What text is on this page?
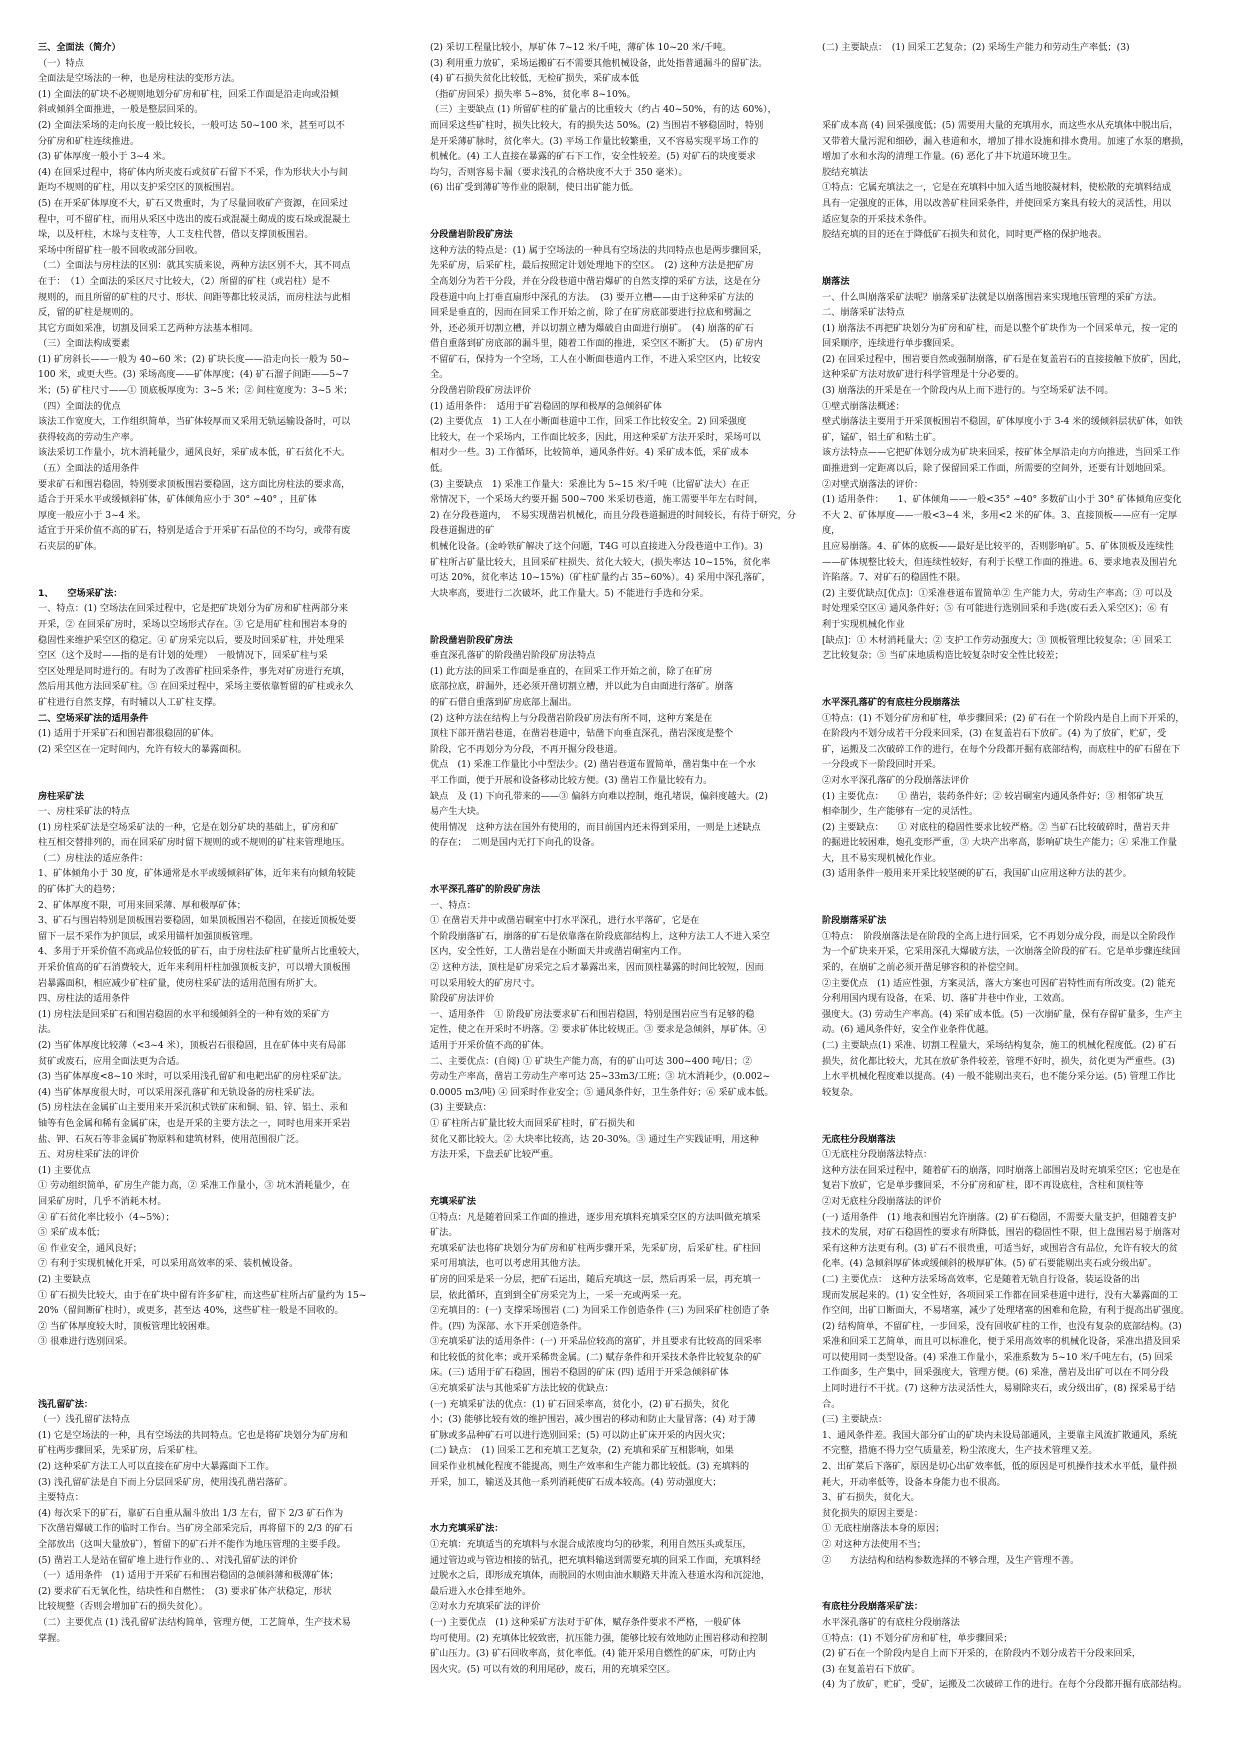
三、全面法（简介）

（一）特点

全面法是空场法的一种，也是房柱法的变形方法。

(1) 全面法的矿块不必规则地划分矿房和矿柱，回采工作面是沿走向或沿倾

斜或倾斜全面推进，一般是整层回采的。

(2) 全面法采场的走向长度一般比较长，一般可达 50~100 米，甚至可以不

分矿房和矿柱连续推进。

(3) 矿体厚度一般小于 3~4 米。

(4) 在回采过程中，将矿体内所夹废石或贫矿石留下不采，作为形状大小与间

距均不规则的矿柱，用以支护采空区的顶板围岩。

(5) 在开采矿体厚度不大，矿石又贵重时，为了尽量回收矿产资源，在回采过

程中，可不留矿柱，而用从采区中选出的废石或混凝土砌成的废石垛或混凝土

垛，以及杆柱，木垛与支柱等，人工支柱代替，借以支撑顶板围岩。

采场中所留矿柱一般不回收或部分回收。

（二）全面法与房柱法的区别：就其实质来说，两种方法区别不大，其不同点

在于：　（1）全面法的采区尺寸比较大，（2）所留的矿柱（或岩柱）是不

规则的，而且所留的矿柱的尺寸、形状、间距等都比较灵活，而房柱法与此相

反，留的矿柱是规则的。

其它方面如采准，切割及回采工艺两种方法基本相同。

（三）全面法构成要素

(1) 矿房斜长——一般为 40~60 米；(2) 矿块长度——沿走向长一般为 50~

100 米，或更大些。(3) 采场高度——矿体厚度；(4) 矿石溜子间距——5~7

米；(5) 矿柱尺寸——① 顶底板厚度为：3~5 米；② 间柱宽度为：3~5 米；

（四）全面法的优点

该法工作宽度大，工作组织简单，当矿体较厚而又采用无轨运输设备时，可以

获得较高的劳动生产率。

该法采切工作量小，坑木消耗量少，通风良好，采矿成本低，矿石贫化不大。

（五）全面法的适用条件

要求矿石和围岩稳固，特别要求顶板围岩要稳固，这方面比房柱法的要求高，

适合于开采水平或缓倾斜矿体，矿体倾角应小于 30° ~40° ，且矿体

厚度一般应小于 3~4 米。

适宜于开采价值不高的矿石，特别是适合于开采矿石品位的不均匀，或带有废

石夹层的矿体。

1、　　空场采矿法：

一、特点：(1) 空场法在回采过程中，它是把矿块划分为矿房和矿柱两部分来

开采，② 在回采矿房时，采场以空场形式存在。③ 它是用矿柱和围岩本身的

稳固性来维护采空区的稳定。④ 矿房采完以后，要及时回采矿柱，并处理采

空区（这个及时——指的是有计划的处理）　一般情况下，回采矿柱与采

空区处理是同时进行的。有时为了改善矿柱回采条件，事先对矿房进行充填，

然后用其他方法回采矿柱。⑤ 在回采过程中，采场主要依靠暂留的矿柱或永久

矿柱进行自然支撑，有时辅以人工矿柱支撑。

二、空场采矿法的适用条件

(1) 适用于开采矿石和围岩都很稳固的矿体。

(2) 采空区在一定时间内，允许有较大的暴露面积。

房柱采矿法

一、房柱采矿法的特点

(1) 房柱采矿法是空场采矿法的一种，它是在划分矿块的基础上，矿房和矿

柱互相交替排列的，而在回采矿房时留下规则的或不规则的矿柱来管理地压。

（二）房柱法的适应条件：

1、矿体倾角小于 30 度，矿体通常是水平或缓倾斜矿体，近年来有向倾角较陡

的矿体扩大的趋势；

2、矿体厚度不限，可用来回采薄、厚和极厚矿体；

3、矿石与围岩特别是顶板围岩要稳固，如果顶板围岩不稳固，在接近顶板处要

留下一层不采作为护顶层，或采用锚杆加强顶板管理。

4、多用于开采价值不高或品位较低的矿石，由于房柱法矿柱矿量所占比重较大，

开采价值高的矿石消费较大，近年来利用杆柱加强顶板支护，可以增大顶板围

岩暴露面积，相应减少矿柱矿量，使房柱采矿法的适用范围有所扩大。

四、房柱法的适用条件

(1) 房柱法是回采矿石和围岩稳固的水平和缓倾斜全的一种有效的采矿方

法。

(2) 当矿体厚度比较薄（<3~4 米），顶板岩石很稳固，且在矿体中夹有局部

贫矿或废石，应用全面法更为合适。

(3) 当矿体厚度<8~10 米时，可以采用浅孔留矿和电耙出矿的房柱采矿法。

(4) 当矿体厚度很大时，可以采用深孔落矿和无轨设备的房柱采矿法。

(5) 房柱法在金属矿山主要用来开采沉积式铁矿床和铜、铅、锌、铝土、汞和

铀等有色金属和稀有金属矿床，也是开采的主要方法之一，同时也用来开采岩

盐、钾、石灰石等非金属矿物原料和建筑材料，使用范围很广泛。

五、对房柱采矿法的评价

(1) 主要优点

① 劳动组织简单，矿房生产能力高，② 采准工作量小，③ 坑木消耗量少，在

回采矿房时，几乎不消耗木材。

④ 矿石贫化率比较小（4~5%）；

⑤ 采矿成本低；

⑥ 作业安全，通风良好；

⑦ 有利于实现机械化开采，可以采用高效率的采、装机械设备。

(2) 主要缺点

① 矿石损失比较大，由于在矿块中留有许多矿柱，而这些矿柱所占矿量约为 15~

20%（留间断矿柱时），或更多，甚至达 40%，这些矿柱一般是不回收的。

② 当矿体厚度较大时，顶板管理比较困难。

③ 很难进行选别回采。

浅孔留矿法：

（一）浅孔留矿法特点

(1) 它是空场法的一种，具有空场法的共同特点。它也是将矿块划分为矿房和

矿柱两步骤回采，先采矿房，后采矿柱。

(2) 这种采矿方法工人可以直接在矿房中大暴露面下工作。

(3) 浅孔留矿法是自下而上分层回采矿房，使用浅孔凿岩落矿。

主要特点：

(4) 每次采下的矿石，靠矿石自重从漏斗放出 1/3 左右，留下 2/3 矿石作为

下次凿岩爆破工作的临时工作台。当矿房全部采完后，再将留下的 2/3 的矿石

全部放出（这叫大量放矿），暂留下的矿石并不能作为地压管理的主要手段。

(5) 凿岩工人是站在留矿堆上进行作业的、、对浅孔留矿法的评价

（一）适用条件　(1) 适用于开采矿石和围岩稳固的急倾斜薄和极薄矿体；

(2) 要求矿石无氧化性，结块性和自燃性；　(3) 要求矿体产状稳定，形状

比较规整（否则会增加矿石的损失贫化）。

（二）主要优点 (1) 浅孔留矿法结构简单，管理方便，工艺简单，生产技术易

掌握。

(2) 采切工程量比较小，厚矿体 7~12 米/千吨，薄矿体 10~20 米/千吨。

(3) 利用重力放矿，采场运搬矿石不需要其他机械设备，此处指普通漏斗的留矿法。

(4) 矿石损失贫化比较低，无检矿损失，采矿成本低

（指矿房回采）损失率 5~8%，贫化率 8~10%。

（三）主要缺点 (1) 所留矿柱的矿量占的比重较大（约占 40~50%，有的达 60%），

而回采这些矿柱时，损失比较大，有的损失达 50%。(2) 当围岩不够稳固时，特别

是开采薄矿脉时，贫化率大。(3) 平场工作量比较繁重，又不容易实现平场工作的

机械化。(4) 工人直接在暴露的矿石下工作，安全性较差。(5) 对矿石的块度要求

均匀，否则容易卡漏（要求浅孔的合格块度不大于 350 毫米）。

(6) 出矿受到薄矿等作业的限制，使日出矿能力低。

分段凿岩阶段矿房法

这种方法的特点是：(1) 属于空场法的一种具有空场法的共同特点也是两步骤回采，

先采矿房，后采矿柱，最后按照定计划处理地下的空区。　(2) 这种方法是把矿房

全高划分为若干分段，并在分段巷道中凿岩爆矿的自然支撑的采矿方法，这是在分

段巷道中向上打垂直扇形中深孔的方法。　(3) 要开立槽——由于这种采矿方法的

回采是垂直的，因而在回采工作开始之前，除了在矿房底部要进行拉底和劈漏之

外，还必须开切割立槽，并以切割立槽为爆破自由面进行崩矿。　(4) 崩落的矿石

借自重落到矿房底部的漏斗里，随着工作面的推进，采空区不断扩大。　(5) 矿房内

不留矿石，保持为一个空场，工人在小断面巷道内工作，不进入采空区内，比较安

全。

分段凿岩阶段矿房法评价

(1) 适用条件：　适用于矿岩稳固的厚和极厚的急倾斜矿体

(2) 主要优点　1) 工人在小断面巷道中工作，回采工作比较安全。2) 回采强度

比较大，在一个采场内，工作面比较多，因此，用这种采矿方法开采时，采场可以

相对少一些。3) 工作循环，比较简单，通风条件好。4) 采矿成本低，采矿成本

低。

(3) 主要缺点　1) 采准工作量大：采准比为 5~15 米/千吨（比留矿法大）在正

常情况下，一个采场大约要开掘 500~700 米采切巷道，施工需要半年左右时间，

2) 在分段巷道内，　不易实现凿岩机械化，而且分段巷道掘进的时间较长，有待于研究，分段巷道掘进的矿

机械化设备。(金岭铁矿解决了这个问题，T4G 可以直接进入分段巷道中工作)。3)

矿柱所占矿量比较大，且回采矿柱损失、贫化大较大，(损失率达 10~15%，贫化率

可达 20%，贫化率达 10~15%)（矿柱矿量约占 35~60%）。4) 采用中深孔落矿，

大块率高，要进行二次破坏，此工作量大。5) 不能进行手选和分采。

阶段凿岩阶段矿房法

垂直深孔落矿的阶段凿岩阶段矿房法特点

(1) 此方法的回采工作面是垂直的，在回采工作开始之前，除了在矿房

底部拉底，辟漏外，还必须开凿切割立槽，并以此为自由面进行落矿。崩落

的矿石借自重落到矿房底部上漏出。

(2) 这种方法在结构上与分段凿岩阶段矿房法有所不同，这种方案是在

顶柱下部开凿岩巷道，在凿岩巷道中，钻凿下向垂直深孔，凿岩深度是整个

阶段，它不再划分为分段，不再开掘分段巷道。

优点　(1) 采准工作量比小中型法少。(2) 凿岩巷道布置简单，凿岩集中在一个水

平工作面，便于开展和设备移动比较方便。(3) 凿岩工作量比较有力。

缺点　及 (1) 下向孔带来的——③ 偏斜方向难以控制，炮孔堵误，偏斜度越大。(2)

易产生大块。

使用情况　这种方法在国外有使用的，而目前国内还未得到采用，一则是上述缺点

的存在；　二则是国内无打下向孔的设备。

水平深孔落矿的阶段矿房法

一、特点：

① 在凿岩天井中或凿岩硐室中打水平深孔，进行水平落矿，它是在

个阶段崩落矿石，崩落的矿石是依靠落在阶段底部结构上，这种方法工人不进入采空

区内，安全性好，工人凿岩是在小断面天井或凿岩硐室内工作。

② 这种方法，顶柱是矿房采完之后才暴露出来，因而顶柱暴露的时间比较短，因而

可以采用较大的矿房尺寸。

阶段矿房法评价

一、适用条件　① 阶段矿房法要求矿石和围岩稳固，特别是围岩应当有足够的稳

定性，使之在开采时不坍落。② 要求矿体比较规正。③ 要求是急倾斜，厚矿体。④

适用于开采价值不高的矿体。

二、主要优点：(自阅) ① 矿块生产能力高，有的矿山可达 300~400 吨/日；②

劳动生产率高，凿岩工劳动生产率可达 25~33m3/工班；③ 坑木消耗少，(0.002~

0.0005 m3/吨) ④ 回采时作业安全；⑤ 通风条件好，卫生条件好；⑥ 采矿成本低。

(3) 主要缺点：

① 矿柱所占矿量比较大而回采矿柱时，矿石损失和

贫化又都比较大。② 大块率比较高，达 20-30%。③ 通过生产实践证明，用这种

方法开采，下盘丢矿比较严重。

充填采矿法

①特点：凡是随着回采工作面的推进，逐步用充填料充填采空区的方法叫做充填采

矿法。

充填采矿法也将矿块划分为矿房和矿柱两步骤开采，先采矿房，后采矿柱。矿柱回

采可用填法，也可以考虑用其他方法。

矿房的回采是采一分层，把矿石运出，随后充填这一层，然后再采一层，再充填一

层，依此循环，直到到全矿房采完为上，一采一充或两采一充。

②充填目的：(一) 支撑采场围岩 (二) 为回采工作创造条件 (三) 为回采矿柱创造了条

件。(四) 为深部、水下开采创造条件。

③充填采矿法的适用条件：(一) 开采品位较高的富矿，并且要求有比较高的回采率

和比较低的贫化率；或开采稀贵金属。(二) 赋存条件和开采技术条件比较复杂的矿

床。(三) 适用于矿石稳固，围岩不稳固的矿床 (四) 适用于开采急倾斜矿体

④充填采矿法与其他采矿方法比较的优缺点：

(一) 充填采矿法的优点：(1) 矿石回采率高，贫化小，(2) 矿石损失，贫化

小；(3) 能够比较有效的维护围岩，减少围岩的移动和防止大量冒落；(4) 对于薄

矿脉或多品种矿石可以进行选别回采；(5) 可以防止矿床开采的内因火灾；

(二) 缺点：　(1) 回采工艺和充填工艺复杂，(2) 充填和采矿互相影响，如果

回采作业机械化程度不能提高，则生产效率和生产能力都比较低。(3) 充填料的

开采，加工，输送及其他一系列消耗使矿石成本较高。(4) 劳动强度大；

水力充填采矿法：

①充填：充填适当的充填料与水混合成浓度均匀的砂浆，利用自然压头或泵压，

通过管边或与管边相接的钻孔，把充填料输送到需要充填的回采工作面，充填料经

过脱水之后，即形成充填体，而脱回的水则由油水顺路天井流入巷道水沟和沉淀池，

最后进入水仓排至地外。

②对水力充填采矿法的评价

(一) 主要优点　(1) 这种采矿方法对于矿体，赋存条件要求不严格，一般矿体

均可使用。(2) 充填体比较致密，抗压能力强，能够比较有效地防止围岩移动和控制

矿山压力。(3) 矿石回收率高，贫化率低。(4) 能开采用自燃性的矿床，可防止内

因火灾。(5) 可以有效的利用尾砂，废石，用的充填采空区。

(二) 主要缺点：　(1) 回采工艺复杂；(2) 采场生产能力和劳动生产率低；(3)

采矿成本高 (4) 回采强度低；(5) 需要用大量的充填用水，而这些水从充填体中脱出后，

又带着大量污泥和细砂，漏入巷道和水，增加了排水设施和排水费用。加速了水泵的磨损，

增加了水和水沟的清理工作量。(6) 恶化了井下坑道环境卫生。

胶结充填法

①特点：它属充填法之一，它是在充填料中加入适当地胶凝材料，使松散的充填料结成

具有一定强度的正体，用以改善矿柱回采条件，并使回采方案具有较大的灵活性，用以

适应复杂的开采技术条件。

胶结充填的目的还在于降低矿石损失和贫化，同时更严格的保护地表。

崩落法

一、什么叫崩落采矿法呢？崩落采矿法就是以崩落围岩来实现地压管理的采矿方法。

二、崩落采矿法特点

(1) 崩落法不再把矿块划分为矿房和矿柱，而是以整个矿块作为一个回采单元，按一定的

回采顺序，连续进行单步骤回采。

(2) 在回采过程中，围岩要自然或强制崩落，矿石是在复盖岩石的直接接触下放矿，因此，

这种采矿方法对放矿进行科学管理是十分必要的。

(3) 崩落法的开采是在一个阶段内从上而下进行的。与空场采矿法不同。

①壁式崩落法概述：

壁式崩落法主要用于开采顶板围岩不稳固，矿体厚度小于 3-4 米的缓倾斜层状矿体，如铁

矿，锰矿，铝土矿和粘土矿。

该方法特点——它把矿体划分成为矿块来回采，按矿体全厚沿走向方向推进，当回采工作

面推进到一定距离以后，除了保留回采工作面，所需要的空间外，还要有计划地回采。

②对壁式崩落法的评价：

(1) 适用条件：　　1、矿体倾角——一般<35° ~40° 多数矿山小于 30° 矿体倾角应变化

不大 2、矿体厚度——一般<3~4 米，多用<2 米的矿体。3、直接顶板——应有一定厚度，

且应易崩落。4、矿体的底板——最好是比较平的，否则影响矿。5、矿体顶板及连续性

——矿体规整比较大，但连续性较好，有利于长壁工作面的推进。6、要求地表及围岩允

许陷落。7、对矿石的稳固性不限。

(2) 主要优缺点[优点]：①采准巷道布置简单② 生产能力大，劳动生产率高；③ 可以及

时处理采空区④ 通风条件好；⑤ 有可能进行选别回采和手选(废石丢入采空区)；⑥ 有

利于实现机械化作业

[缺点]：① 木材消耗量大；② 支护工作劳动强度大；③ 顶板管理比较复杂；④ 回采工

艺比较复杂；⑤ 当矿床地质构造比较复杂时安全性比较差；

水平深孔落矿的有底柱分段崩落法

①特点：(1) 不划分矿房和矿柱，单步骤回采；(2) 矿石在一个阶段内是自上而下开采的，

在阶段内不划分成若干分段来回采，(3) 在复盖岩石下放矿。(4) 为了放矿，贮矿，受

矿，运搬及二次破碎工作的进行，在每个分段都开掘有底部结构，而底柱中的矿石留在下

一分段或下一阶段回时开采。

②对水平深孔落矿的分段崩落法评价

(1) 主要优点：　　① 凿岩，装药条件好；② 较岩硐室内通风条件好；③ 相邻矿块互

相牵制少，生产能够有一定的灵活性。

(2) 主要缺点：　　① 对底柱的稳固性要求比较严格。② 当矿石比较破碎时，凿岩天井

的掘进比较困难，炮孔变形严重，③ 大块产出率高，影响矿块生产能力；④ 采准工作量

大，且不易实现机械化作业。

(3) 适用条件一般用来开采比较坚硬的矿石，我国矿山应用这种方法的甚少。

阶段崩落采矿法

①特点：　阶段崩落法是在阶段的全高上进行回采，它不再划分成分段，而是以全阶段作

为一个矿块来开采，它采用深孔大爆破方法，一次崩落全阶段的矿石。它是单步骤连续回

采的，在崩矿之前必须开凿足够容积的补偿空间。

②主要优点　(1) 适应性强，方案灵活，落大方案也可因矿岩特性而有所改变。(2) 能充

分利用国内现有设备，在采、切、落矿井巷中作业，工效高。

强度大。(3) 劳动生产率高。(4) 采矿成本低。(5) 一次崩矿量，保有存留矿量多，生产主

动。(6) 通风条件好，安全作业条件优越。

(二) 主要缺点(1) 采准、切割工程量大，采场结构复杂，施工的机械化程度低。(2) 矿石

损失，贫化都比较大，尤其在放矿条件较差，管理不好时，损失，贫化更为严重些。(3)

上水平机械化程度难以提高。(4) 一般不能剔出夹石，也不能分采分运。(5) 管理工作比

较复杂。

无底柱分段崩落法

①无底柱分段崩落法特点：

这种方法在回采过程中，随着矿石的崩落，同时崩落上部围岩及时充填采空区；它也是在

复岩下放矿，它是单步骤回采，不分矿房和矿柱，即不再设底柱，含柱和顶柱等

②对无底柱分段崩落法的评价

(一) 适用条件　(1) 地表和围岩允许崩落。(2) 矿石稳固，不需要大量支护，但随着支护

技术的发展，对矿石稳固性的要求有所降低，围岩的稳固性不限，但上盘围岩易于崩落对

采有这种方法更有利。(3) 矿石不很贵重，可适当好，或围岩含有品位，允许有较大的贫

化率。(4) 急倾斜厚矿体或缓倾斜的极厚矿体。(5) 矿石要能剔出夹石或分级出矿。

(二) 主要优点：　这种方法采场高效率，它是随着无轨自行设备，装运设备的出

现而发展起来的。(1) 安全性好，各项回采工作都在回采巷道中进行，没有大暴露面的工

作空间，出矿口断面大，不易堵塞，减少了处理堵塞的困难和危险，有利于提高出矿强度。

(2) 结构简单，不留矿柱，一步回采，没有回收矿柱的工作，也没有复杂的底部结构。(3)

采准和回采工艺简单，而且可以标准化，便于采用高效率的机械化设备，采准出措及回采

可以使用同一类型设备。(4) 采准工作量小，采准系数为 5~10 米/千吨左右，(5) 回采

工作面多，生产集中，回采强度大，管理方便。(6) 采准，凿岩及出矿可以在不同分段

上同时进行不干扰。(7) 这种方法灵活性大，易剔除夹石，或分级出矿，(8) 探采易于结

合。

(三) 主要缺点：

1、通风条件差。我国大部分矿山的矿块内未设局部通风，主要靠主风流扩散通风，系统

不完整，措施不得力空气质量差，粉尘浓度大，生产技术管理又差。

2、出矿菜后下落矿，原因是切心出矿效率低，低的原因是可机操作技术水平低，量件损

耗大，开动率低等，设备本身能力也不很高。

3、矿石损失，贫化大。

贫化损失的原因主要是：

① 无底柱崩落法本身的原因；

② 对这种方法使用不当；

②　　方法结构和结构参数选择的不够合理，及生产管理不善。

有底柱分段崩落采矿法：

水平深孔落矿的有底柱分段崩落法

①特点：(1) 不划分矿房和矿柱，单步骤回采；

(2) 矿石在一个阶段内是自上而下开采的，在阶段内不划分成若干分段来回采，

(3) 在复盖岩石下放矿。

(4) 为了放矿，贮矿，受矿，运搬及二次破碎工作的进行。在每个分段都开掘有底部结构。
